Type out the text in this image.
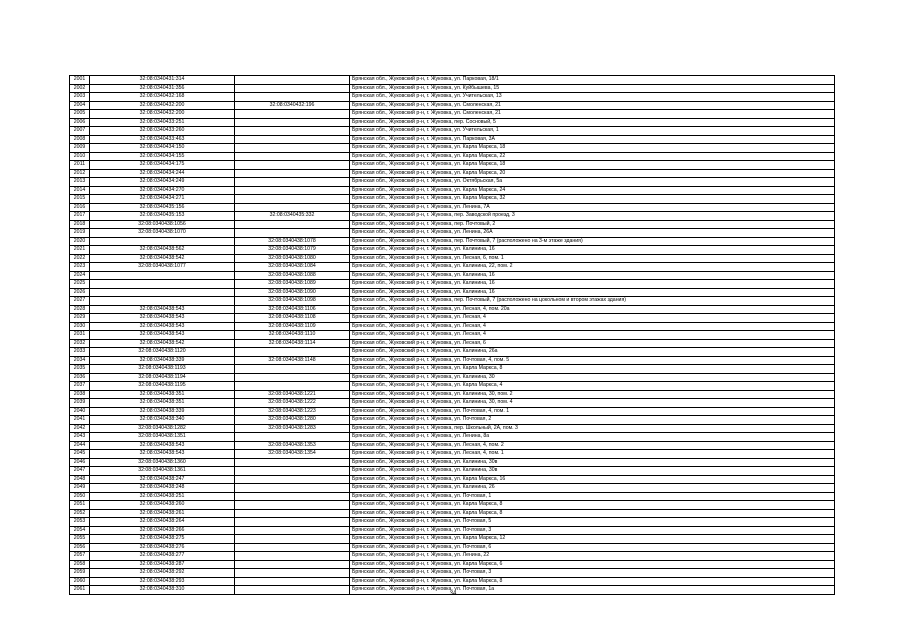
2001	32:08:0340431:314		Брянская обл., Жуковский р-н, г. Жуковка, ул. Парковая, 18/1
2002	32:08:0340431:356		Брянская обл., Жуковский р-н, г. Жуковка, ул. Куйбышева, 15
2003	32:08:0340432:168		Брянская обл., Жуковский р-н, г. Жуковка, ул. Учительская, 13
2004	32:08:0340432:200	32:08:0340432:196	Брянская обл., Жуковский р-н, г. Жуковка, ул. Смоленская, 21
2005	32:08:0340432:200		Брянская обл., Жуковский р-н, г. Жуковка, ул. Смоленская, 21
2006	32:08:0340433:251		Брянская обл., Жуковский р-н, г. Жуковка, пер. Сосновый, 5
2007	32:08:0340433:260		Брянская обл., Жуковский р-н, г. Жуковка, ул. Учительская, 1
2008	32:08:0340433:463		Брянская обл., Жуковский р-н, г. Жуковка, ул. Парковая, 3А
2009	32:08:0340434:150		Брянская обл., Жуковский р-н, г. Жуковка, ул. Карла Маркса, 18
2010	32:08:0340434:155		Брянская обл., Жуковский р-н, г. Жуковка, ул. Карла Маркса, 22
2011	32:08:0340434:175		Брянская обл., Жуковский р-н, г. Жуковка, ул. Карла Маркса, 18
2012	32:08:0340434:244		Брянская обл., Жуковский р-н, г. Жуковка, ул. Карла Маркса, 20
2013	32:08:0340434:249		Брянская обл., Жуковский р-н, г. Жуковка, ул. Октябрьская, 5а
2014	32:08:0340434:270		Брянская обл., Жуковский р-н, г. Жуковка, ул. Карла Маркса, 24
2015	32:08:0340434:271		Брянская обл., Жуковский р-н, г. Жуковка, ул. Карла Маркса, 32
2016	32:08:0340435:156		Брянская обл., Жуковский р-н, г. Жуковка, ул. Ленина, 7А
2017	32:08:0340435:153	32:08:0340435:332	Брянская обл., Жуковский р-н, г. Жуковка, пер. Заводской проезд, 3
2018	32:08:0340438:1056		Брянская обл., Жуковский р-н, г. Жуковка, пер. Почтовый, 2
2019	32:08:0340438:1070		Брянская обл., Жуковский р-н, г. Жуковка, ул. Ленина, 26А
2020		32:08:0340438:1078	Брянская обл., Жуковский р-н, г. Жуковка, пер. Почтовый, 7 (расположено на 3-м этаже здания)
2021	32:08:0340438:562	32:08:0340438:1079	Брянская обл., Жуковский р-н, г. Жуковка, ул. Калинина, 16
2022	32:08:0340438:542	32:08:0340438:1080	Брянская обл., Жуковский р-н, г. Жуковка, ул. Лесная, 6, пом. 1
2023	32:08:0340438:1077	32:08:0340438:1084	Брянская обл., Жуковский р-н, г. Жуковка, ул. Калинина, 22, пом. 2
2024		32:08:0340438:1088	Брянская обл., Жуковский р-н, г. Жуковка, ул. Калинина, 16
2025		32:08:0340438:1089	Брянская обл., Жуковский р-н, г. Жуковка, ул. Калинина, 16
2026		32:08:0340438:1090	Брянская обл., Жуковский р-н, г. Жуковка, ул. Калинина, 16
2027		32:08:0340438:1098	Брянская обл., Жуковский р-н, г. Жуковка, пер. Почтовый, 7 (расположено на цокольном и втором этажах здания)
2028	32:08:0340438:543	32:08:0340438:1106	Брянская обл., Жуковский р-н, г. Жуковка, ул. Лесная, 4, пом. 20а
2029	32:08:0340438:543	32:08:0340438:1108	Брянская обл., Жуковский р-н, г. Жуковка, ул. Лесная, 4
2030	32:08:0340438:543	32:08:0340438:1109	Брянская обл., Жуковский р-н, г. Жуковка, ул. Лесная, 4
2031	32:08:0340438:543	32:08:0340438:1110	Брянская обл., Жуковский р-н, г. Жуковка, ул. Лесная, 4
2032	32:08:0340438:542	32:08:0340438:1114	Брянская обл., Жуковский р-н, г. Жуковка, ул. Лесная, 6
2033	32:08:0340438:1120		Брянская обл., Жуковский р-н, г. Жуковка, ул. Калинина, 26а
2034	32:08:0340438:339	32:08:0340438:1148	Брянская обл., Жуковский р-н, г. Жуковка, ул. Почтовая, 4, пом. 5
2035	32:08:0340438:1193		Брянская обл., Жуковский р-н, г. Жуковка, ул. Карла Маркса, 8
2036	32:08:0340438:1194		Брянская обл., Жуковский р-н, г. Жуковка, ул. Калинина, 30
2037	32:08:0340438:1195		Брянская обл., Жуковский р-н, г. Жуковка, ул. Карла Маркса, 4
2038	32:08:0340438:351	32:08:0340438:1221	Брянская обл., Жуковский р-н, г. Жуковка, ул. Калинина, 30, пом. 2
2039	32:08:0340438:351	32:08:0340438:1222	Брянская обл., Жуковский р-н, г. Жуковка, ул. Калинина, 30, пом. 4
2040	32:08:0340438:339	32:08:0340438:1223	Брянская обл., Жуковский р-н, г. Жуковка, ул. Почтовая, 4, пом. 1
2041	32:08:0340438:340	32:08:0340438:1280	Брянская обл., Жуковский р-н, г. Жуковка, ул. Почтовая, 2
2042	32:08:0340438:1282	32:08:0340438:1283	Брянская обл., Жуковский р-н, г. Жуковка, пер. Школьный, 2А, пом. 3
2043	32:08:0340438:1351		Брянская обл., Жуковский р-н, г. Жуковка, ул. Ленина, 8а
2044	32:08:0340438:543	32:08:0340438:1353	Брянская обл., Жуковский р-н, г. Жуковка, ул. Лесная, 4, пом. 2
2045	32:08:0340438:543	32:08:0340438:1354	Брянская обл., Жуковский р-н, г. Жуковка, ул. Лесная, 4, пом. 1
2046	32:08:0340438:1360		Брянская обл., Жуковский р-н, г. Жуковка, ул. Калинина, 30в
2047	32:08:0340438:1361		Брянская обл., Жуковский р-н, г. Жуковка, ул. Калинина, 30в
2048	32:08:0340438:247		Брянская обл., Жуковский р-н, г. Жуковка, ул. Карла Маркса, 16
2049	32:08:0340438:248		Брянская обл., Жуковский р-н, г. Жуковка, ул. Калинина, 26
2050	32:08:0340438:251		Брянская обл., Жуковский р-н, г. Жуковка, ул. Почтовая, 1
2051	32:08:0340438:260		Брянская обл., Жуковский р-н, г. Жуковка, ул. Карла Маркса, 8
2052	32:08:0340438:261		Брянская обл., Жуковский р-н, г. Жуковка, ул. Карла Маркса, 8
2053	32:08:0340438:264		Брянская обл., Жуковский р-н, г. Жуковка, ул. Почтовая, 5
2054	32:08:0340438:266		Брянская обл., Жуковский р-н, г. Жуковка, ул. Почтовая, 3
2055	32:08:0340438:275		Брянская обл., Жуковский р-н, г. Жуковка, ул. Карла Маркса, 12
2056	32:08:0340438:276		Брянская обл., Жуковский р-н, г. Жуковка, ул. Почтовая, 6
2057	32:08:0340438:277		Брянская обл., Жуковский р-н, г. Жуковка, ул. Ленина, 22
2058	32:08:0340438:287		Брянская обл., Жуковский р-н, г. Жуковка, ул. Карла Маркса, 6
2059	32:08:0340438:292		Брянская обл., Жуковский р-н, г. Жуковка, ул. Почтовая, 3
2060	32:08:0340438:293		Брянская обл., Жуковский р-н, г. Жуковка, ул. Карла Маркса, 8
2061	32:08:0340438:310		Брянская обл., Жуковский р-н, г. Жуковка, ул. Почтовая, 1а
34
